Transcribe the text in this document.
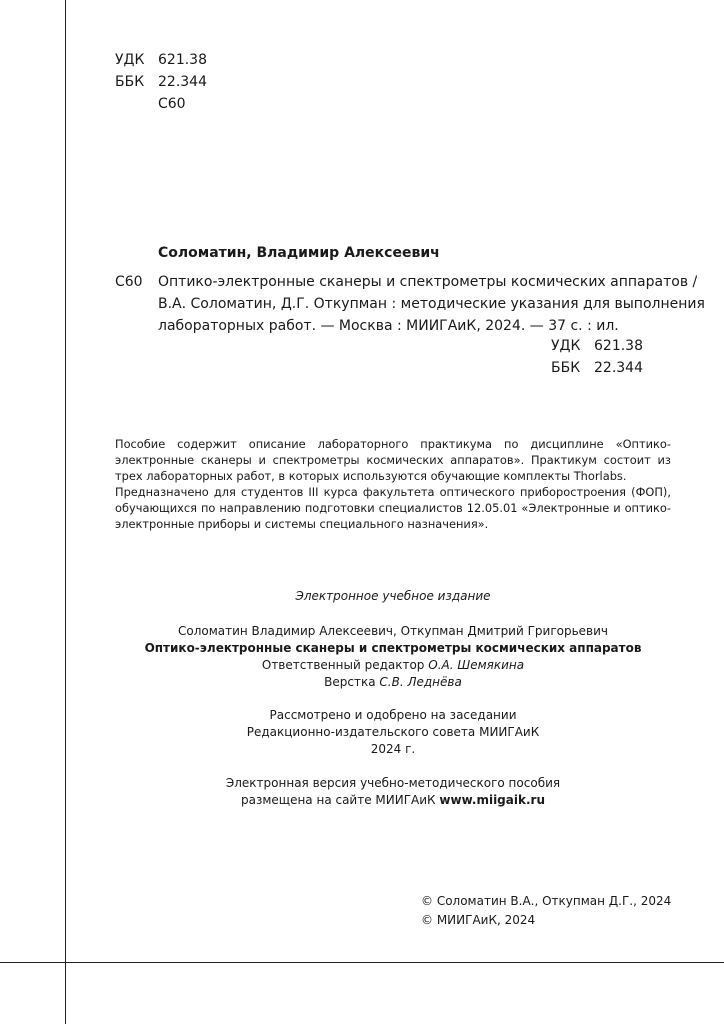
УДК 621.38
ББК 22.344
С60
Соломатин, Владимир Алексеевич
С60 Оптико-электронные сканеры и спектрометры космических аппаратов /
В.А. Соломатин, Д.Г. Откупман : методические указания для выполнения
лабораторных работ. — Москва : МИИГАиК, 2024. — 37 с. : ил.
УДК 621.38
ББК 22.344

Пособие содержит описание лабораторного практикума по дисциплине «Оптико-электронные сканеры и спектрометры космических аппаратов». Практикум состоит из трех лабораторных работ, в которых используются обучающие комплекты Thorlabs.

Предназначено для студентов III курса факультета оптического приборостроения (ФОП), обучающихся по направлению подготовки специалистов 12.05.01 «Электронные и оптико-электронные приборы и системы специального назначения».

Электронное учебное издание
Соломатин Владимир Алексеевич, Откупман Дмитрий Григорьевич
Оптико-электронные сканеры и спектрометры космических аппаратов
Ответственный редактор О.А. Шемякина
Верстка С.В. Леднёва
Рассмотрено и одобрено на заседании
Редакционно-издательского совета МИИГАиК
2024 г.
Электронная версия учебно-методического пособия
размещена на сайте МИИГАиК www.miigaik.ru
© Соломатин В.А., Откупман Д.Г., 2024
© МИИГАиК, 2024
